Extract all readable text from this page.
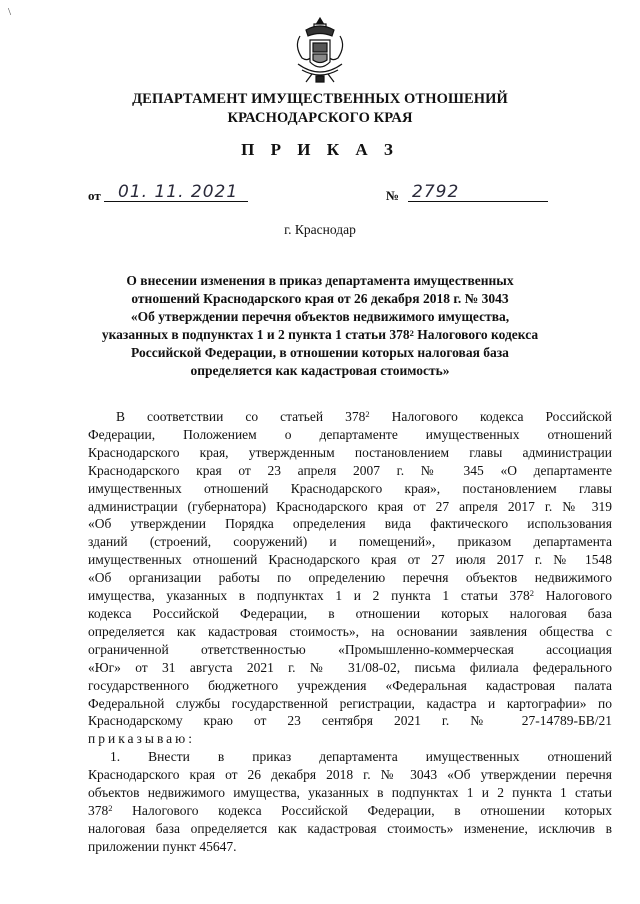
\
ДЕПАРТАМЕНТ ИМУЩЕСТВЕННЫХ ОТНОШЕНИЙ
КРАСНОДАРСКОГО КРАЯ
П Р И К А З
от 01. 11. 2021	№ 2792
г. Краснодар
О внесении изменения в приказ департамента имущественных
отношений Краснодарского края от 26 декабря 2018 г. № 3043
«Об утверждении перечня объектов недвижимого имущества,
указанных в подпунктах 1 и 2 пункта 1 статьи $378^2$ Налогового кодекса
Российской Федерации, в отношении которых налоговая база
определяется как кадастровая стоимость»
В соответствии со статьей $378^2$ Налогового кодекса Российской
Федерации, Положением о департаменте имущественных отношений
Краснодарского края, утвержденным постановлением главы администрации
Краснодарского края от 23 апреля 2007 г. № 345 «О департаменте
имущественных отношений Краснодарского края», постановлением главы
администрации (губернатора) Краснодарского края от 27 апреля 2017 г. № 319
«Об утверждении Порядка определения вида фактического использования
зданий (строений, сооружений) и помещений», приказом департамента
имущественных отношений Краснодарского края от 27 июля 2017 г. № 1548
«Об организации работы по определению перечня объектов недвижимого
имущества, указанных в подпунктах 1 и 2 пункта 1 статьи $378^2$ Налогового
кодекса Российской Федерации, в отношении которых налоговая база
определяется как кадастровая стоимость», на основании заявления общества с
ограниченной ответственностью «Промышленно-коммерческая ассоциация
«Юг» от 31 августа 2021 г. № 31/08-02, письма филиала федерального
государственного бюджетного учреждения «Федеральная кадастровая палата
Федеральной службы государственной регистрации, кадастра и картографии» по
Краснодарскому краю от 23 сентября 2021 г. № 27-14789-БВ/21
приказываю:
1. Внести в приказ департамента имущественных отношений
Краснодарского края от 26 декабря 2018 г. № 3043 «Об утверждении перечня
объектов недвижимого имущества, указанных в подпунктах 1 и 2 пункта 1 статьи
$378^2$ Налогового кодекса Российской Федерации, в отношении которых
налоговая база определяется как кадастровая стоимость» изменение, исключив в
приложении пункт 45647.
